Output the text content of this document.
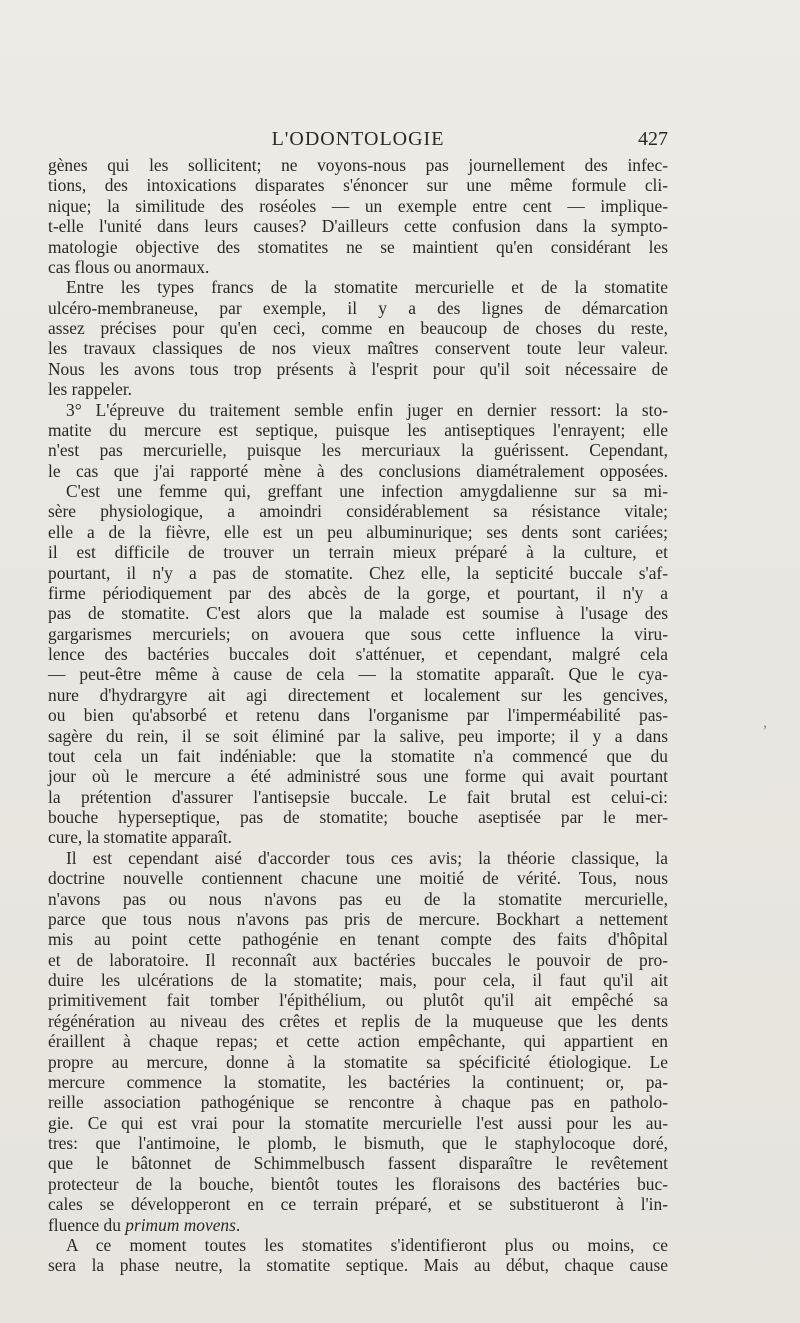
L'ODONTOLOGIE	427
gènes qui les sollicitent; ne voyons-nous pas journellement des infec-
tions, des intoxications disparates s'énoncer sur une même formule cli-
nique; la similitude des roséoles — un exemple entre cent — implique-
t-elle l'unité dans leurs causes? D'ailleurs cette confusion dans la sympto-
matologie objective des stomatites ne se maintient qu'en considérant les
cas flous ou anormaux.
Entre les types francs de la stomatite mercurielle et de la stomatite
ulcéro-membraneuse, par exemple, il y a des lignes de démarcation
assez précises pour qu'en ceci, comme en beaucoup de choses du reste,
les travaux classiques de nos vieux maîtres conservent toute leur valeur.
Nous les avons tous trop présents à l'esprit pour qu'il soit nécessaire de
les rappeler.
3° L'épreuve du traitement semble enfin juger en dernier ressort: la sto-
matite du mercure est septique, puisque les antiseptiques l'enrayent; elle
n'est pas mercurielle, puisque les mercuriaux la guérissent. Cependant,
le cas que j'ai rapporté mène à des conclusions diamétralement opposées.
C'est une femme qui, greffant une infection amygdalienne sur sa mi-
sère physiologique, a amoindri considérablement sa résistance vitale;
elle a de la fièvre, elle est un peu albuminurique; ses dents sont cariées;
il est difficile de trouver un terrain mieux préparé à la culture, et
pourtant, il n'y a pas de stomatite. Chez elle, la septicité buccale s'af-
firme périodiquement par des abcès de la gorge, et pourtant, il n'y a
pas de stomatite. C'est alors que la malade est soumise à l'usage des
gargarismes mercuriels; on avouera que sous cette influence la viru-
lence des bactéries buccales doit s'atténuer, et cependant, malgré cela
— peut-être même à cause de cela — la stomatite apparaît. Que le cya-
nure d'hydrargyre ait agi directement et localement sur les gencives,
ou bien qu'absorbé et retenu dans l'organisme par l'imperméabilité pas-
sagère du rein, il se soit éliminé par la salive, peu importe; il y a dans
tout cela un fait indéniable: que la stomatite n'a commencé que du
jour où le mercure a été administré sous une forme qui avait pourtant
la prétention d'assurer l'antisepsie buccale. Le fait brutal est celui-ci:
bouche hyperseptique, pas de stomatite; bouche aseptisée par le mer-
cure, la stomatite apparaît.
Il est cependant aisé d'accorder tous ces avis; la théorie classique, la
doctrine nouvelle contiennent chacune une moitié de vérité. Tous, nous
n'avons pas ou nous n'avons pas eu de la stomatite mercurielle,
parce que tous nous n'avons pas pris de mercure. Bockhart a nettement
mis au point cette pathogénie en tenant compte des faits d'hôpital
et de laboratoire. Il reconnaît aux bactéries buccales le pouvoir de pro-
duire les ulcérations de la stomatite; mais, pour cela, il faut qu'il ait
primitivement fait tomber l'épithélium, ou plutôt qu'il ait empêché sa
régénération au niveau des crêtes et replis de la muqueuse que les dents
éraillent à chaque repas; et cette action empêchante, qui appartient en
propre au mercure, donne à la stomatite sa spécificité étiologique. Le
mercure commence la stomatite, les bactéries la continuent; or, pa-
reille association pathogénique se rencontre à chaque pas en patholo-
gie. Ce qui est vrai pour la stomatite mercurielle l'est aussi pour les au-
tres: que l'antimoine, le plomb, le bismuth, que le staphylocoque doré,
que le bâtonnet de Schimmelbusch fassent disparaître le revêtement
protecteur de la bouche, bientôt toutes les floraisons des bactéries buc-
cales se développeront en ce terrain préparé, et se substitueront à l'in-
fluence du primum movens.
A ce moment toutes les stomatites s'identifieront plus ou moins, ce
sera la phase neutre, la stomatite septique. Mais au début, chaque cause
,
